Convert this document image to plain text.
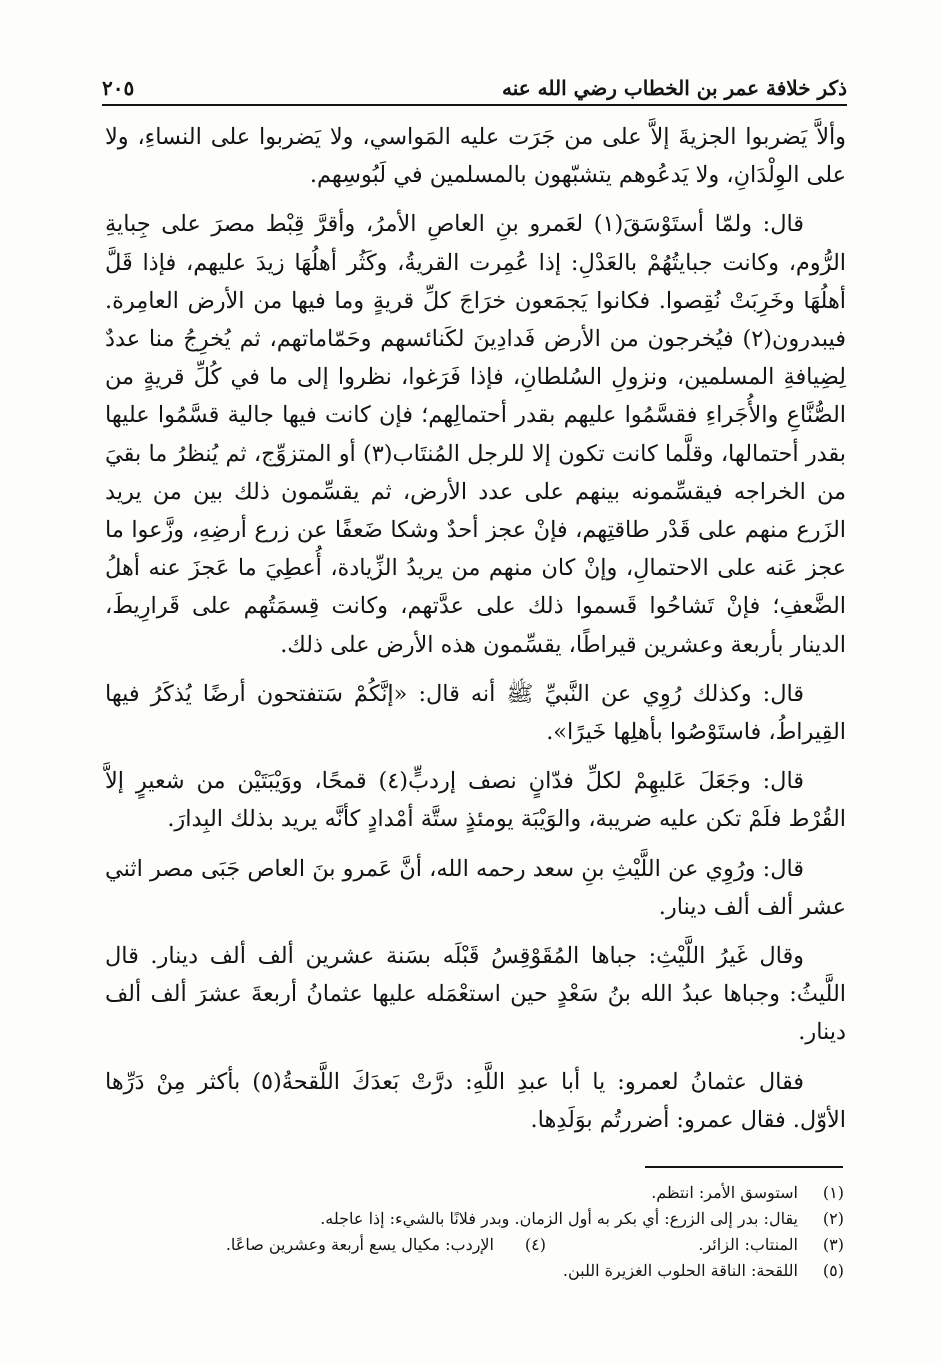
ذكر خلافة عمر بن الخطاب رضي الله عنه
٢٠٥

وألاَّ يَضربوا الجزيةَ إلاَّ على من جَرَت عليه المَواسي، ولا يَضربوا على النساءِ، ولا على الوِلْدَانِ، ولا يَدعُوهم يتشبّهون بالمسلمين في لَبُوسِهم.

قال: ولمّا أستَوْسَقَ(١) لعَمرو بنِ العاصِ الأمرُ، وأقرَّ قِبْط مصرَ على جِبايةِ الرُّوم، وكانت جبايتُهُمْ بالعَدْلِ: إذا عُمِرت القريةُ، وكَثُر أهلُهَا زيدَ عليهم، فإذا قَلَّ أهلُهَا وخَرِبَتْ نُقِصوا. فكانوا يَجمَعون خرَاجَ كلِّ قريةٍ وما فيها من الأرض العامِرة. فيبدرون(٢) فيُخرجون من الأرض فَدادِينَ لكَنائسهم وحَمّاماتهم، ثم يُخرِجُ منا عددٌ لِضِيافةِ المسلمين، ونزولِ السُلطانِ، فإذا فَرَغوا، نظروا إلى ما في كُلِّ قريةٍ من الصُّنَّاعِ والأُجَراءِ فقسَّمُوا عليهم بقدر أحتمالِهم؛ فإن كانت فيها جالية قسَّمُوا عليها بقدر أحتمالها، وقلَّما كانت تكون إلا للرجل المُنتَاب(٣) أو المتزوِّج، ثم يُنظرُ ما بقيَ من الخراجه فيقسِّمونه بينهم على عدد الأرض، ثم يقسِّمون ذلك بين من يريد الزَرع منهم على قَدْر طاقتِهم، فإنْ عجز أحدٌ وشكا ضَعفًا عن زرع أرضِهِ، وزَّعوا ما عجز عَنه على الاحتمالِ، وإنْ كان منهم من يريدُ الزِّيادة، أُعطِيَ ما عَجزَ عنه أهلُ الضَّعفِ؛ فإنْ تَشاحُوا قَسموا ذلك على عدَّتهم، وكانت قِسمَتُهم على قَرارِيطَ، الدينار بأربعة وعشرين قيراطًا، يقسِّمون هذه الأرض على ذلك.

قال: وكذلك رُوِي عن النَّبيِّ ﷺ أنه قال: «إنَّكُمْ سَتفتحون أرضًا يُذكَرُ فيها القِيراطُ، فاستَوْصُوا بأهلِها خَيرًا».

قال: وجَعَلَ عَليهِمْ لكلِّ فدّانٍ نصف إردبٍّ(٤) قمحًا، ووَيْبَتَيْن من شعيرٍ إلاَّ القُرْط فلَمْ تكن عليه ضريبة، والوَيْبَة يومئذٍ ستَّة أمْدادٍ كأنَّه يريد بذلك البِدارَ.

قال: ورُوِي عن اللَّيْثِ بنِ سعد رحمه الله، أنَّ عَمرو بنَ العاص جَبَى مصر اثني عشر ألف ألف دينار.

وقال غَيرُ اللَّيْثِ: جباها المُقَوْقِسُ قَبْلَه بسَنة عشرين ألف ألف دينار. قال اللَّيثُ: وجباها عبدُ الله بنُ سَعْدٍ حين استعْمَله عليها عثمانُ أربعةَ عشرَ ألف ألف دينار.

فقال عثمانُ لعمرو: يا أبا عبدِ اللَّهِ: درَّتْ بَعدَكَ اللَّقحةُ(٥) بأكثر مِنْ دَرِّها الأوّل. فقال عمرو: أضررتُم بوَلَدِها.

(١)
استوسق الأمر: انتظم.
(٢)
يقال: بدر إلى الزرع: أي بكر به أول الزمان. وبدر فلانًا بالشيء: إذا عاجله.
(٣)
المنتاب: الزائر.
(٤)
الإردب: مكيال يسع أربعة وعشرين صاعًا.
(٥)
اللقحة: الناقة الحلوب الغزيرة اللبن.
